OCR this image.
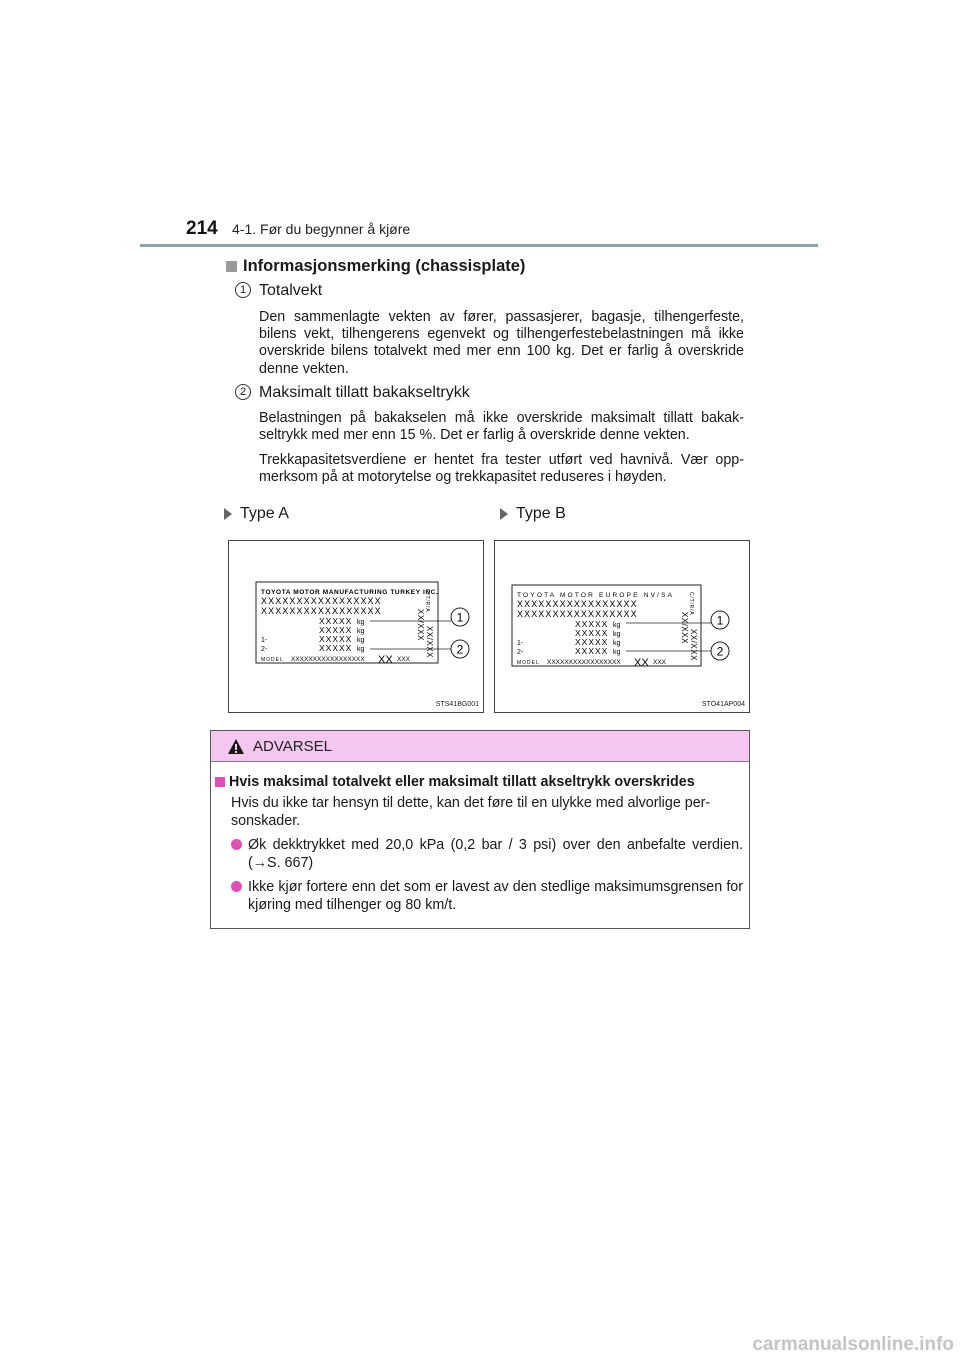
214 4-1. Før du begynner å kjøre
Informasjonsmerking (chassisplate)
1 Totalvekt
Den sammenlagte vekten av fører, passasjerer, bagasje, tilhengerfeste, bilens vekt, tilhengerens egenvekt og tilhengerfestebelastningen må ikke overskride bilens totalvekt med mer enn 100 kg. Det er farlig å overskride denne vekten.
2 Maksimalt tillatt bakakseltrykk
Belastningen på bakakselen må ikke overskride maksimalt tillatt bakak-seltrykk med mer enn 15 %. Det er farlig å overskride denne vekten.
Trekkapasitetsverdiene er hentet fra tester utført ved havnivå. Vær opp-merksom på at motorytelse og trekkapasitet reduseres i høyden.
Type A	Type B
TOYOTA MOTOR MANUFACTURING TURKEY INC.
XXXXXXXXXXXXXXXXX
XXXXXXXXXXXXXXXXX
XXXXX kg
XXXXX kg
1-	XXXXX kg
2-	XXXXX kg
MODEL XXXXXXXXXXXXXXXXX XX XXX
C/T/R/A
XX/XXX
XX/XXX
1
2
STS41BG001
TOYOTA MOTOR EUROPE NV/SA
XXXXXXXXXXXXXXXXX
XXXXXXXXXXXXXXXXX
XXXXX kg
XXXXX kg
1-	XXXXX kg
2-	XXXXX kg
MODEL XXXXXXXXXXXXXXXXX XX XXX
C/T/R/A
XX/XXX
XX/XXX
1
2
STO41AP004
ADVARSEL
Hvis maksimal totalvekt eller maksimalt tillatt akseltrykk overskrides
Hvis du ikke tar hensyn til dette, kan det føre til en ulykke med alvorlige per-sonskader.
Øk dekktrykket med 20,0 kPa (0,2 bar / 3 psi) over den anbefalte verdien. (→S. 667)
Ikke kjør fortere enn det som er lavest av den stedlige maksimumsgrensen for kjøring med tilhenger og 80 km/t.
carmanualsonline.info
